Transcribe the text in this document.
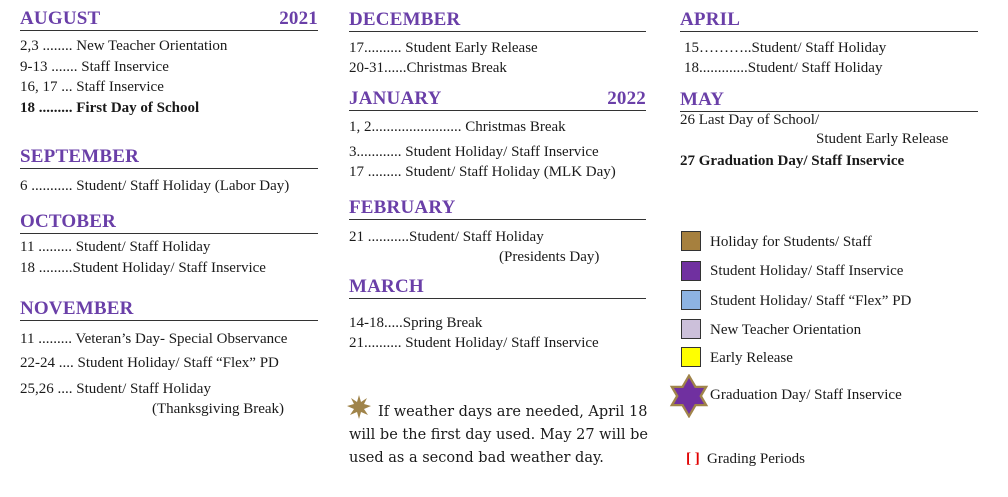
AUGUST	2021
2,3 ........ New Teacher Orientation
9-13 ....... Staff Inservice
16, 17 ... Staff Inservice
18 ......... First Day of School
SEPTEMBER
6 ........... Student/ Staff Holiday (Labor Day)
OCTOBER
11 ......... Student/ Staff Holiday
18 .........Student Holiday/ Staff Inservice
NOVEMBER
11 ......... Veteran’s Day- Special Observance
22-24 .... Student Holiday/ Staff “Flex” PD
25,26 .... Student/ Staff Holiday
(Thanksgiving Break)
DECEMBER
17.......... Student Early Release
20-31......Christmas Break
JANUARY	2022
1, 2........................ Christmas Break
3............ Student Holiday/ Staff Inservice
17 ......... Student/ Staff Holiday (MLK Day)
FEBRUARY
21 ...........Student/ Staff Holiday
(Presidents Day)
MARCH
14-18.....Spring Break
21.......... Student Holiday/ Staff Inservice
If weather days are needed, April 18
will be the first day used. May 27 will be
used as a second bad weather day.
APRIL
15………..Student/ Staff Holiday
18.............Student/ Staff Holiday
MAY
26 Last Day of School/
Student Early Release
27 Graduation Day/ Staff Inservice
Holiday for Students/ Staff
Student Holiday/ Staff Inservice
Student Holiday/ Staff “Flex” PD
New Teacher Orientation
Early Release
Graduation Day/ Staff Inservice
[ ] Grading Periods
